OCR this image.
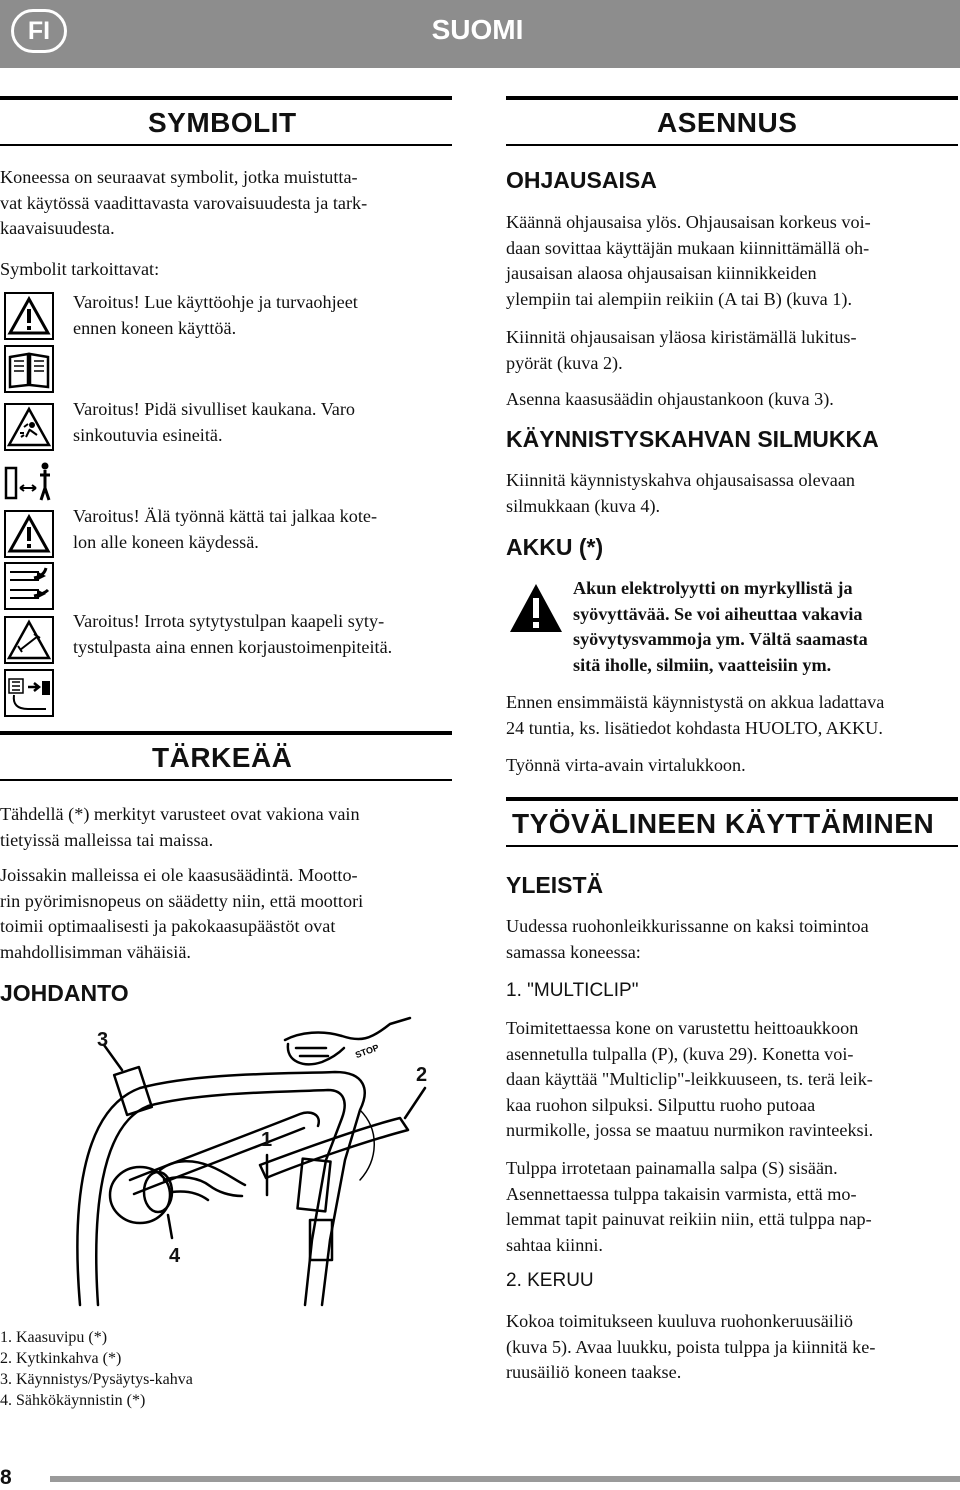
FI	SUOMI
SYMBOLIT
Koneessa on seuraavat symbolit, jotka muistutta-
vat käytössä vaadittavasta varovaisuudesta ja tark-
kaavaisuudesta.
Symbolit tarkoittavat:
Varoitus! Lue käyttöohje ja turvaohjeet
ennen koneen käyttöä.
Varoitus! Pidä sivulliset kaukana. Varo
sinkoutuvia esineitä.
Varoitus! Älä työnnä kättä tai jalkaa kote-
lon alle koneen käydessä.
Varoitus! Irrota sytytystulpan kaapeli syty-
tystulpasta aina ennen korjaustoimenpiteitä.
TÄRKEÄÄ
Tähdellä (*) merkityt varusteet ovat vakiona vain
tietyissä malleissa tai maissa.
Joissakin malleissa ei ole kaasusäädintä. Mootto-
rin pyörimisnopeus on säädetty niin, että moottori
toimii optimaalisesti ja pakokaasupäästöt ovat
mahdollisimman vähäisiä.
JOHDANTO
STOP
3
2
1
4
1. Kaasuvipu (*)
2. Kytkinkahva (*)
3. Käynnistys/Pysäytys-kahva
4. Sähkökäynnistin (*)
ASENNUS
OHJAUSAISA
Käännä ohjausaisa ylös. Ohjausaisan korkeus voi-
daan sovittaa käyttäjän mukaan kiinnittämällä oh-
jausaisan alaosa ohjausaisan kiinnikkeiden
ylempiin tai alempiin reikiin (A tai B) (kuva 1).
Kiinnitä ohjausaisan yläosa kiristämällä lukitus-
pyörät (kuva 2).
Asenna kaasusäädin ohjaustankoon (kuva 3).
KÄYNNISTYSKAHVAN SILMUKKA
Kiinnitä käynnistyskahva ohjausaisassa olevaan
silmukkaan (kuva 4).
AKKU (*)
Akun elektrolyytti on myrkyllistä ja
syövyttävää. Se voi aiheuttaa vakavia
syövytysvammoja ym. Vältä saamasta
sitä iholle, silmiin, vaatteisiin ym.
Ennen ensimmäistä käynnistystä on akkua ladattava
24 tuntia, ks. lisätiedot kohdasta HUOLTO, AKKU.
Työnnä virta-avain virtalukkoon.
TYÖVÄLINEEN KÄYTTÄMINEN
YLEISTÄ
Uudessa ruohonleikkurissanne on kaksi toimintoa
samassa koneessa:
1. "MULTICLIP"
Toimitettaessa kone on varustettu heittoaukkoon
asennetulla tulpalla (P), (kuva 29). Konetta voi-
daan käyttää "Multiclip"-leikkuuseen, ts. terä leik-
kaa ruohon silpuksi. Silputtu ruoho putoaa
nurmikolle, jossa se maatuu nurmikon ravinteeksi.
Tulppa irrotetaan painamalla salpa (S) sisään.
Asennettaessa tulppa takaisin varmista, että mo-
lemmat tapit painuvat reikiin niin, että tulppa nap-
sahtaa kiinni.
2. KERUU
Kokoa toimitukseen kuuluva ruohonkeruusäiliö
(kuva 5). Avaa luukku, poista tulppa ja kiinnitä ke-
ruusäiliö koneen taakse.
8
